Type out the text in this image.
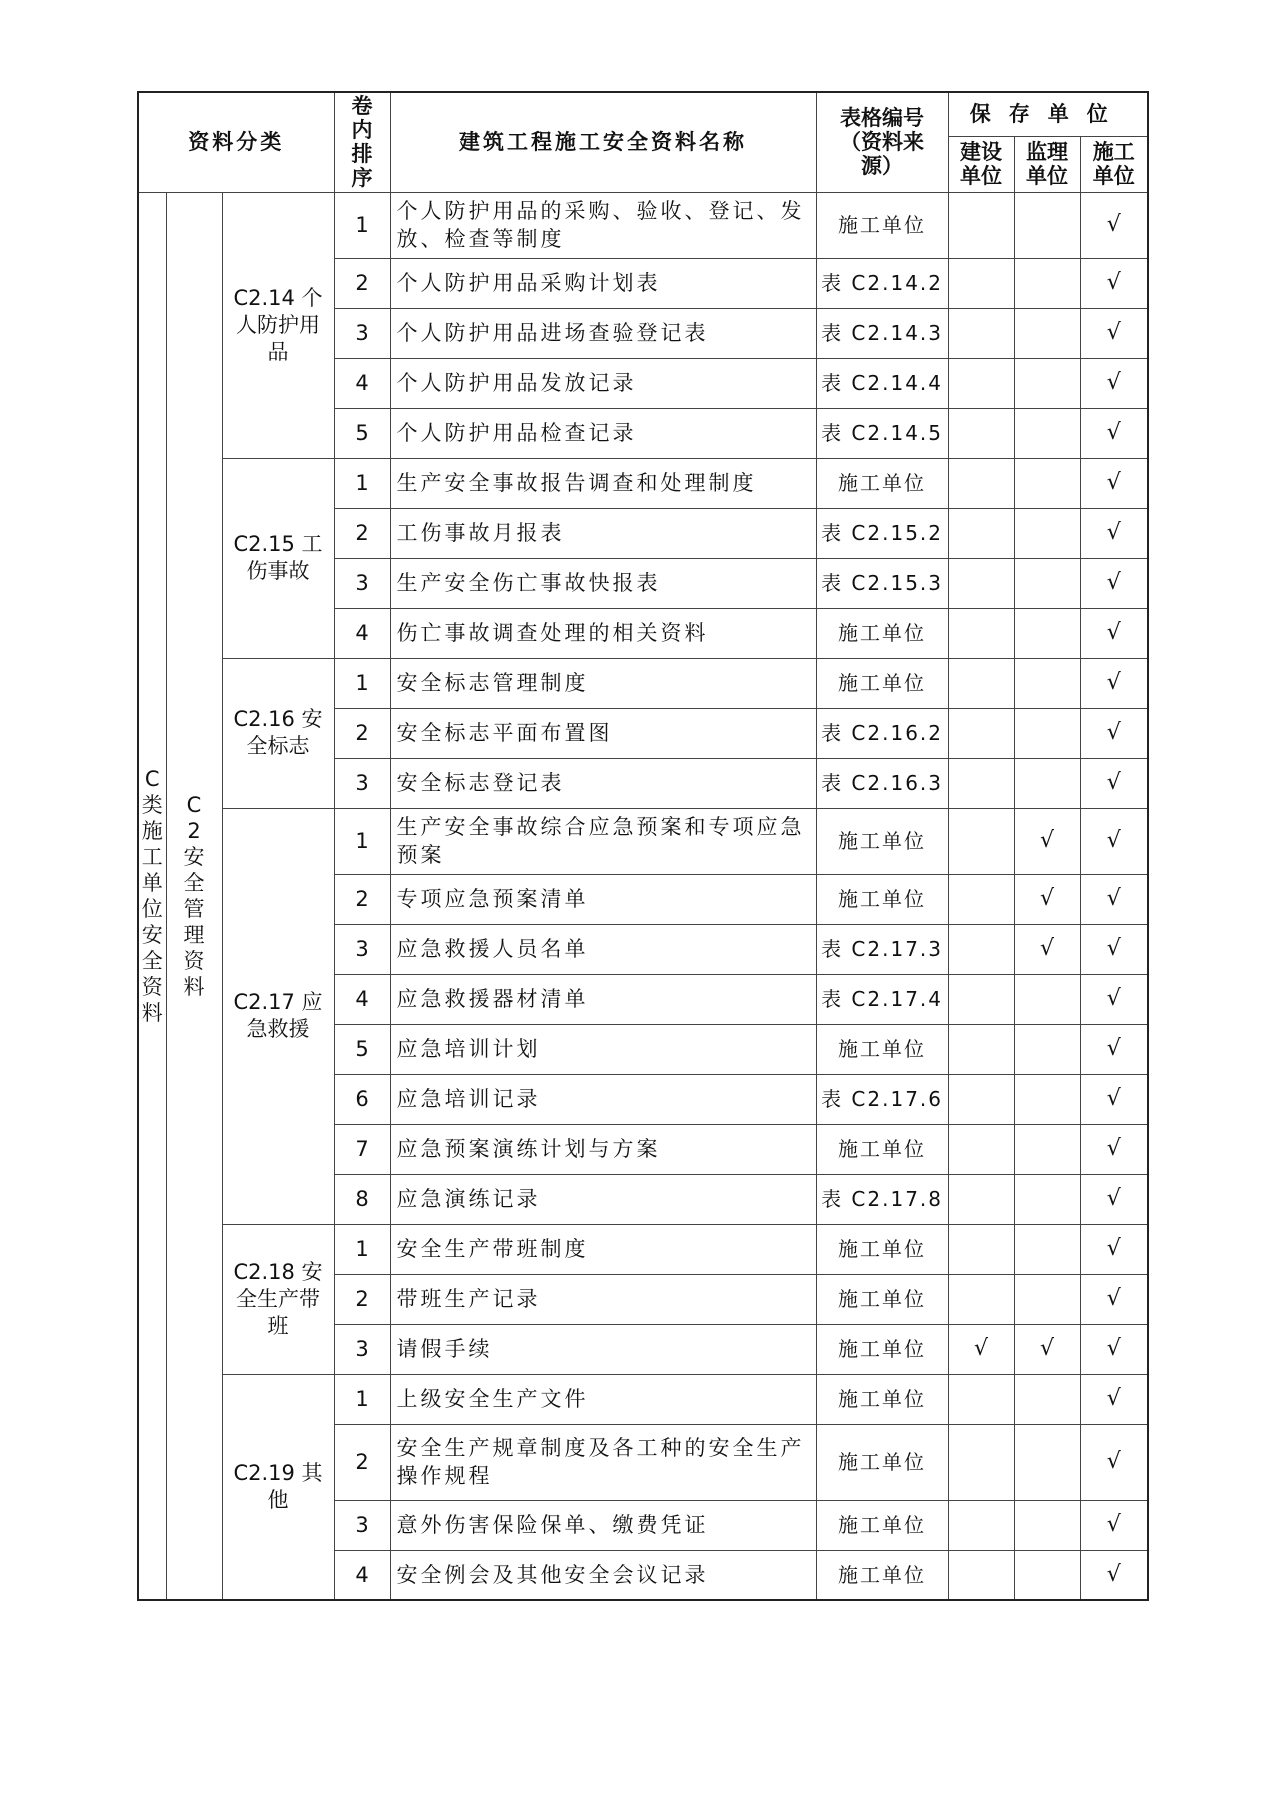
资料分类			卷内排序	建筑工程施工安全资料名称	表格编号（资料来源）	保存单位		
						建设单位	监理单位	施工单位

C类施工单位安全资料	C2安全管理资料	C2.14 个人防护用品	1	个人防护用品的采购、验收、登记、发放、检查等制度	施工单位			√
			2	个人防护用品采购计划表	表 C2.14.2			√
			3	个人防护用品进场查验登记表	表 C2.14.3			√
			4	个人防护用品发放记录	表 C2.14.4			√
			5	个人防护用品检查记录	表 C2.14.5			√
		C2.15 工伤事故	1	生产安全事故报告调查和处理制度	施工单位			√
			2	工伤事故月报表	表 C2.15.2			√
			3	生产安全伤亡事故快报表	表 C2.15.3			√
			4	伤亡事故调查处理的相关资料	施工单位			√
		C2.16 安全标志	1	安全标志管理制度	施工单位			√
			2	安全标志平面布置图	表 C2.16.2			√
			3	安全标志登记表	表 C2.16.3			√
		C2.17 应急救援	1	生产安全事故综合应急预案和专项应急预案	施工单位		√	√
			2	专项应急预案清单	施工单位		√	√
			3	应急救援人员名单	表 C2.17.3		√	√
			4	应急救援器材清单	表 C2.17.4			√
			5	应急培训计划	施工单位			√
			6	应急培训记录	表 C2.17.6			√
			7	应急预案演练计划与方案	施工单位			√
			8	应急演练记录	表 C2.17.8			√
		C2.18 安全生产带班	1	安全生产带班制度	施工单位			√
			2	带班生产记录	施工单位			√
			3	请假手续	施工单位	√	√	√
		C2.19 其他	1	上级安全生产文件	施工单位			√
			2	安全生产规章制度及各工种的安全生产操作规程	施工单位			√
			3	意外伤害保险保单、缴费凭证	施工单位			√
			4	安全例会及其他安全会议记录	施工单位			√
